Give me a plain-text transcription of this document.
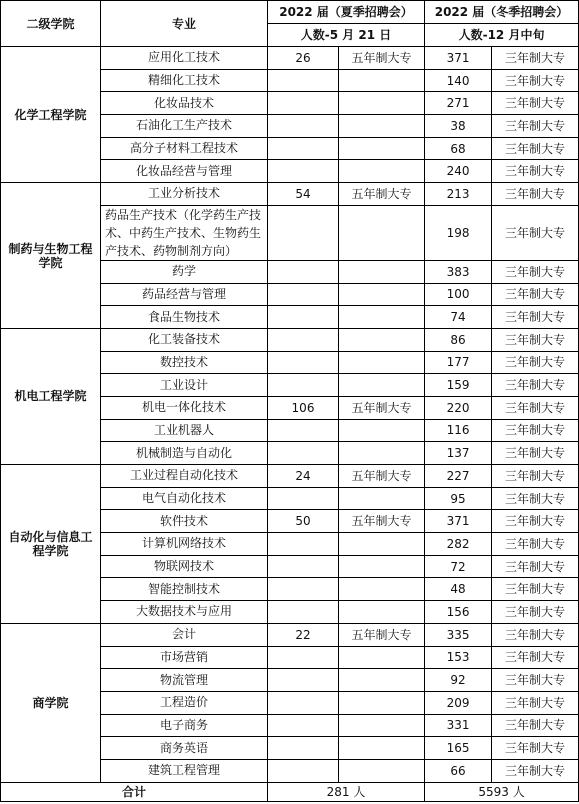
二级学院	专业	2022 届（夏季招聘会）		2022 届（冬季招聘会）	
		人数-5 月 21 日		人数-12 月中旬	
化学工程学院	应用化工技术	26	五年制大专	371	三年制大专
	精细化工技术			140	三年制大专
	化妆品技术			271	三年制大专
	石油化工生产技术			38	三年制大专
	高分子材料工程技术			68	三年制大专
	化妆品经营与管理			240	三年制大专
制药与生物工程学院	工业分析技术	54	五年制大专	213	三年制大专
	药品生产技术（化学药生产技术、中药生产技术、生物药生产技术、药物制剂方向）			198	三年制大专
	药学			383	三年制大专
	药品经营与管理			100	三年制大专
	食品生物技术			74	三年制大专
机电工程学院	化工装备技术			86	三年制大专
	数控技术			177	三年制大专
	工业设计			159	三年制大专
	机电一体化技术	106	五年制大专	220	三年制大专
	工业机器人			116	三年制大专
	机械制造与自动化			137	三年制大专
自动化与信息工程学院	工业过程自动化技术	24	五年制大专	227	三年制大专
	电气自动化技术			95	三年制大专
	软件技术	50	五年制大专	371	三年制大专
	计算机网络技术			282	三年制大专
	物联网技术			72	三年制大专
	智能控制技术			48	三年制大专
	大数据技术与应用			156	三年制大专
商学院	会计	22	五年制大专	335	三年制大专
	市场营销			153	三年制大专
	物流管理			92	三年制大专
	工程造价			209	三年制大专
	电子商务			331	三年制大专
	商务英语			165	三年制大专
	建筑工程管理			66	三年制大专
合计		281 人		5593 人	
